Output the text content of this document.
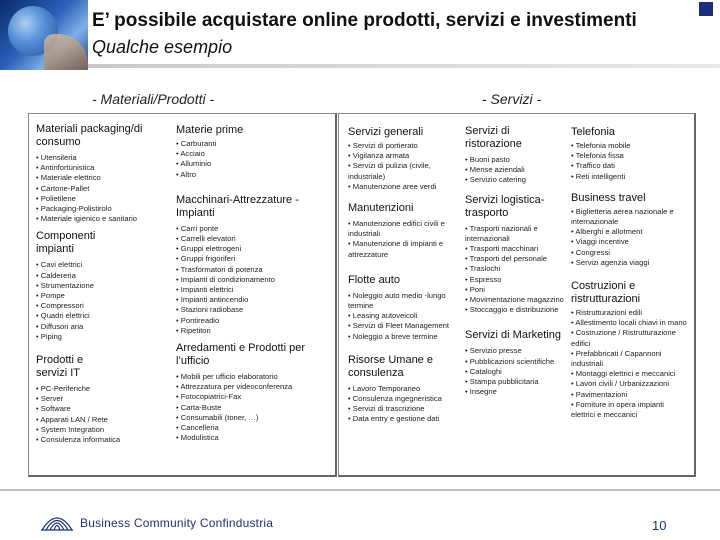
E’ possibile acquistare online prodotti, servizi e investimenti
Qualche esempio
- Materiali/Prodotti -	- Servizi -
Materiali packaging/di consumo
• Utensileria
• Antinfortunistica
• Materiale elettrico
• Cartone-Pallet
• Polietilene
• Packaging-Polistirolo
• Materiale igienico e sanitario
Componenti impianti
• Cavi elettrici
• Caldereria
• Strumentazione
• Pompe
• Compressori
• Quadri elettrici
• Diffusori aria
• Piping
Prodotti e servizi IT
• PC-Periferiche
• Server
• Software
• Apparati LAN / Rete
• System Integration
• Consulenza informatica
Materie prime
• Carburanti
• Acciaio
• Alluminio
• Altro
Macchinari-Attrezzature -Impianti
• Carri ponte
• Carrelli elevatori
• Gruppi elettrogeni
• Gruppi frigoriferi
• Trasformatori di potenza
• Impianti di condizionamento
• Impianti elettrici
• Impianti antincendio
• Stazioni radiobase
• Pontireadio
• Ripetitori
Arredamenti e Prodotti per l’ufficio
• Mobili per ufficio elaboratorio
• Attrezzatura per videoconferenza
• Fotocopiatrici-Fax
• Carta-Buste
• Consumabili (toner, …)
• Cancelleria
• Modulistica
Servizi generali
• Servizi di portierato
• Vigilanza armata
• Servizi di pulizia (civile, industriale)
• Manutenzione aree verdi
Manutenzioni
• Manutenzione edifici civili e industriali
• Manutenzione di impianti e attrezzature
Flotte auto
• Noleggio auto medio -lungo termine
• Leasing autoveicoli
• Servizi di Fleet Management
• Noleggio a breve termine
Risorse Umane e consulenza
• Lavoro Temporaneo
• Consulenza ingegneristica
• Servizi di trascrizione
• Data entry e gestione dati
Servizi di ristorazione
• Buoni pasto
• Mense aziendali
• Servizio catering
Servizi logistica-trasporto
• Trasporti nazionali e internazionali
• Trasporti macchinari
• Trasporti del personale
• Traslochi
• Espresso
• Poni
• Movimentazione magazzino
• Stoccaggio e distribuzione
Servizi di Marketing
• Servizio presse
• Pubblicazioni scientifiche
• Cataloghi
• Stampa pubblicitaria
• Insegne
Telefonia
• Telefonia mobile
• Telefonia fissa
• Traffico dati
• Reti intelligenti
Business travel
• Biglietteria aerea nazionale e internazionale
• Alberghi e allotment
• Viaggi incentive
• Congressi
• Servizi agenzia viaggi
Costruzioni e ristrutturazioni
• Ristrutturazioni edili
• Allestimento locali chiavi in mano
• Costruzione / Ristrutturazione edifici
• Prefabbricati / Capannoni industriali
• Montaggi elettrici e meccanici
• Lavori civili / Urbanizzazioni
• Pavimentazioni
• Forniture in opera impianti elettrici e meccanici
Business Community Confindustria	10
